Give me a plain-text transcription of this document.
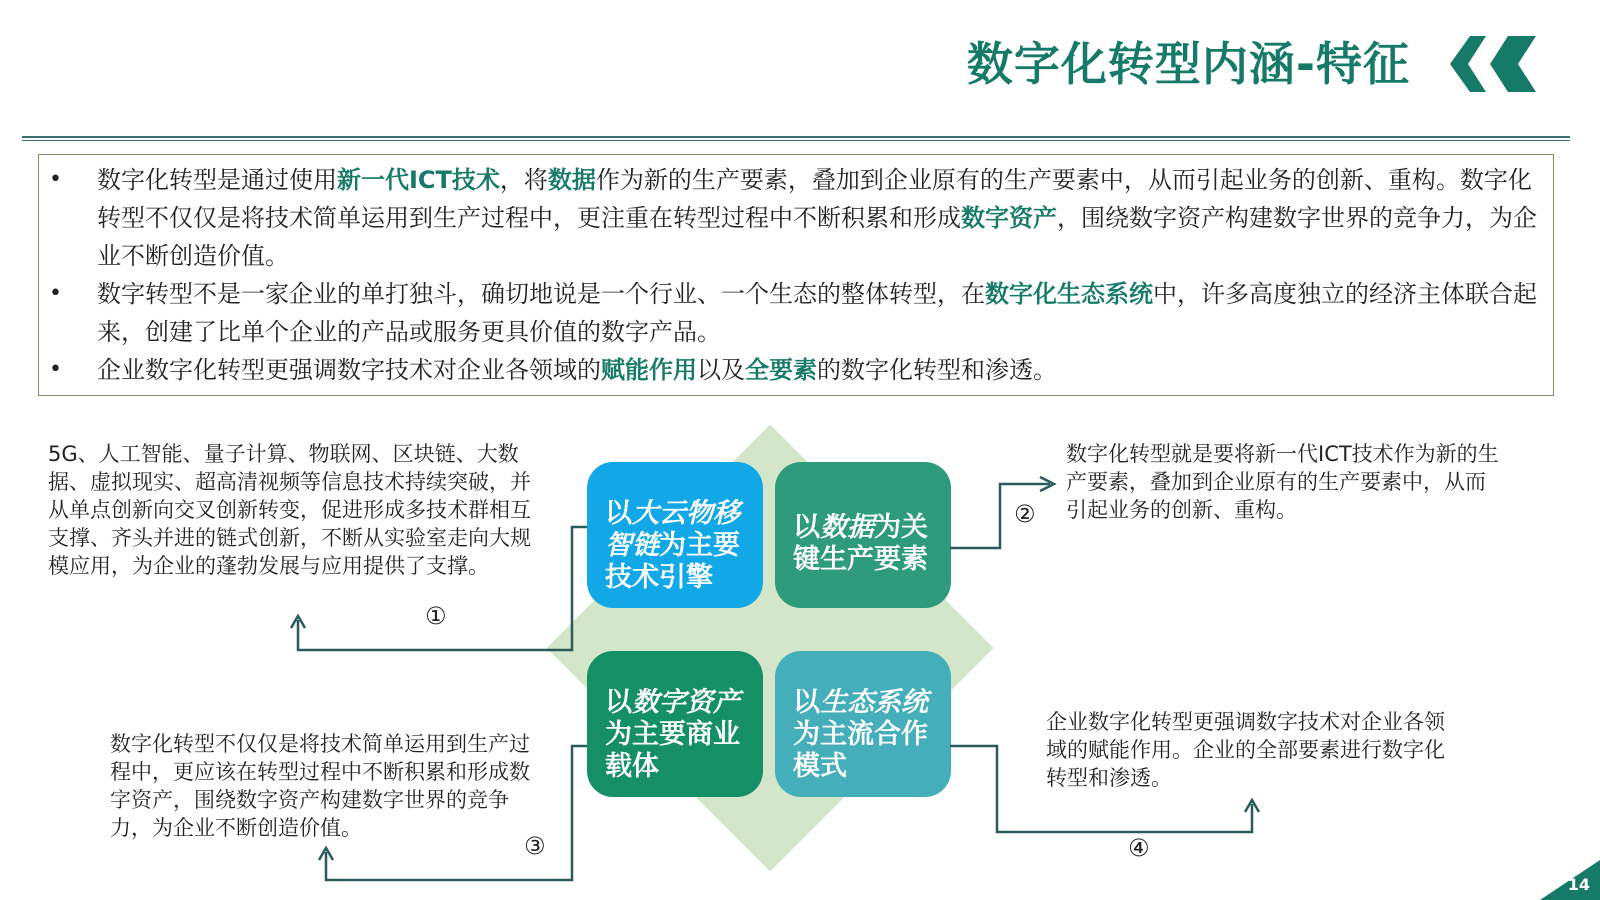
数字化转型内涵-特征
•	数字化转型是通过使用新一代ICT技术，将数据作为新的生产要素，叠加到企业原有的生产要素中，从而引起业务的创新、重构。数字化转型不仅仅是将技术简单运用到生产过程中，更注重在转型过程中不断积累和形成数字资产，围绕数字资产构建数字世界的竞争力，为企业不断创造价值。
•	数字转型不是一家企业的单打独斗，确切地说是一个行业、一个生态的整体转型，在数字化生态系统中，许多高度独立的经济主体联合起来，创建了比单个企业的产品或服务更具价值的数字产品。
•	企业数字化转型更强调数字技术对企业各领域的赋能作用以及全要素的数字化转型和渗透。
5G、人工智能、量子计算、物联网、区块链、大数据、虚拟现实、超高清视频等信息技术持续突破，并从单点创新向交叉创新转变，促进形成多技术群相互支撑、齐头并进的链式创新，不断从实验室走向大规模应用，为企业的蓬勃发展与应用提供了支撑。
数字化转型就是要将新一代ICT技术作为新的生产要素，叠加到企业原有的生产要素中，从而引起业务的创新、重构。
数字化转型不仅仅是将技术简单运用到生产过程中，更应该在转型过程中不断积累和形成数字资产，围绕数字资产构建数字世界的竞争力，为企业不断创造价值。
企业数字化转型更强调数字技术对企业各领域的赋能作用。企业的全部要素进行数字化转型和渗透。
以大云物移智链为主要技术引擎
以数据为关键生产要素
以数字资产为主要商业载体
以生态系统为主流合作模式
①
②
③	④
14
